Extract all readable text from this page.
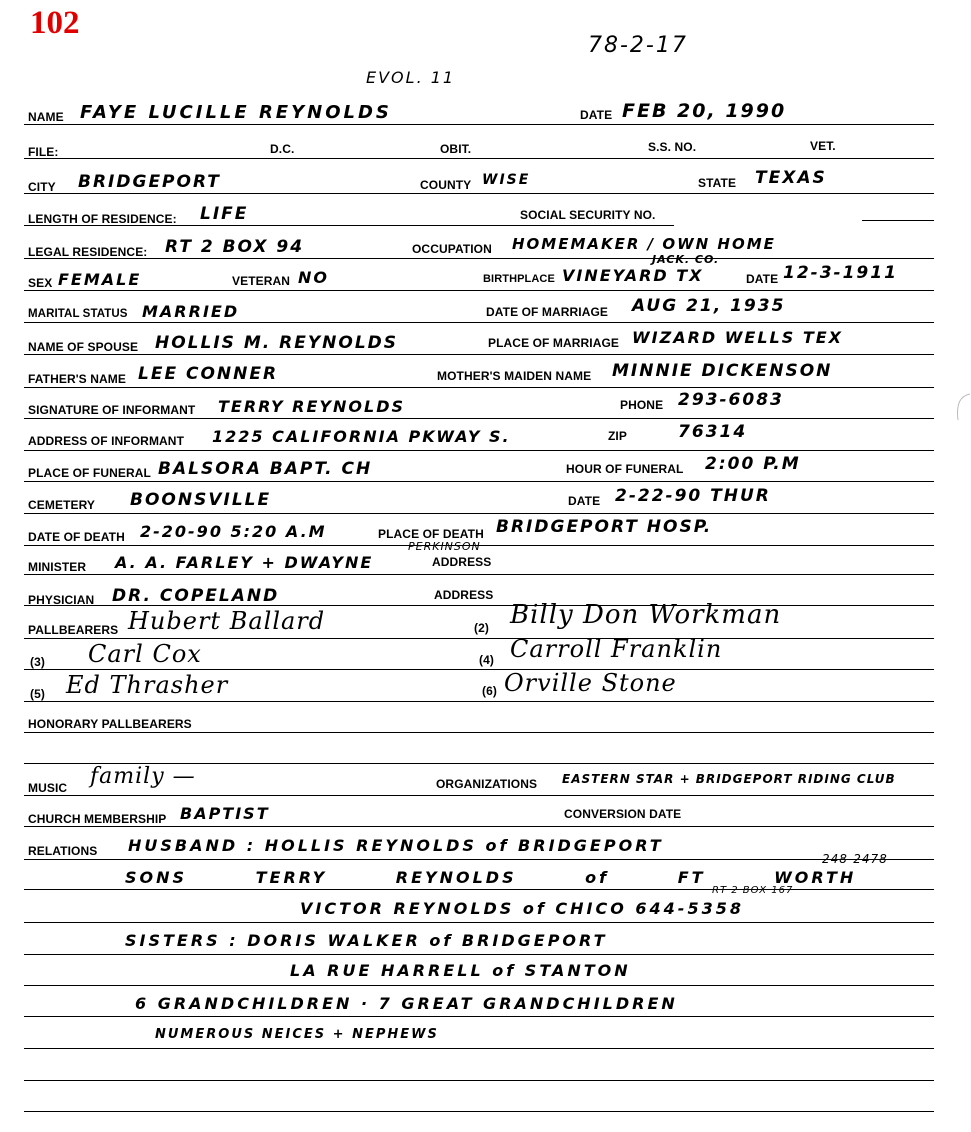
102
78-2-17
EVOL. 11
NAME FAYE LUCILLE REYNOLDS	DATE FEB 20, 1990
FILE:	D.C.	OBIT.	S.S. NO.	VET.
CITY BRIDGEPORT	COUNTY WISE	STATE TEXAS
LENGTH OF RESIDENCE: LIFE	SOCIAL SECURITY NO.
LEGAL RESIDENCE: RT 2 BOX 94	OCCUPATION HOMEMAKER / OWN HOME
JACK. CO.
SEX FEMALE	VETERAN NO	BIRTHPLACE VINEYARD TX	DATE 12-3-1911
MARITAL STATUS MARRIED	DATE OF MARRIAGE AUG 21, 1935
NAME OF SPOUSE HOLLIS M. REYNOLDS	PLACE OF MARRIAGE WIZARD WELLS TEX
FATHER'S NAME LEE CONNER	MOTHER'S MAIDEN NAME MINNIE DICKENSON
SIGNATURE OF INFORMANT TERRY REYNOLDS	PHONE 293-6083
ADDRESS OF INFORMANT 1225 CALIFORNIA PKWAY S.	ZIP	76314
PLACE OF FUNERAL BALSORA BAPT. CH	HOUR OF FUNERAL 2:00 P.M
CEMETERY BOONSVILLE	DATE 2-22-90 THUR
DATE OF DEATH 2-20-90 5:20 A.M	PLACE OF DEATH BRIDGEPORT HOSP.
MINISTER A. A. FARLEY + DWAYNE
PERKINSON
ADDRESS
PHYSICIAN DR. COPELAND	ADDRESS
PALLBEARERS Hubert Ballard	(2) Billy Don Workman
(3) Carl Cox	(4) Carroll Franklin
(5) Ed Thrasher	(6) Orville Stone
HONORARY PALLBEARERS
MUSIC family —	ORGANIZATIONS EASTERN STAR + BRIDGEPORT RIDING CLUB
CHURCH MEMBERSHIP BAPTIST	CONVERSION DATE
RELATIONS HUSBAND : HOLLIS REYNOLDS of BRIDGEPORT
248-2478
SONS TERRY REYNOLDS of FT WORTH
RT 2 BOX 167
VICTOR REYNOLDS of CHICO 644-5358
SISTERS : DORIS WALKER of BRIDGEPORT
LA RUE HARRELL of STANTON
6 GRANDCHILDREN · 7 GREAT GRANDCHILDREN
NUMEROUS NEICES + NEPHEWS
